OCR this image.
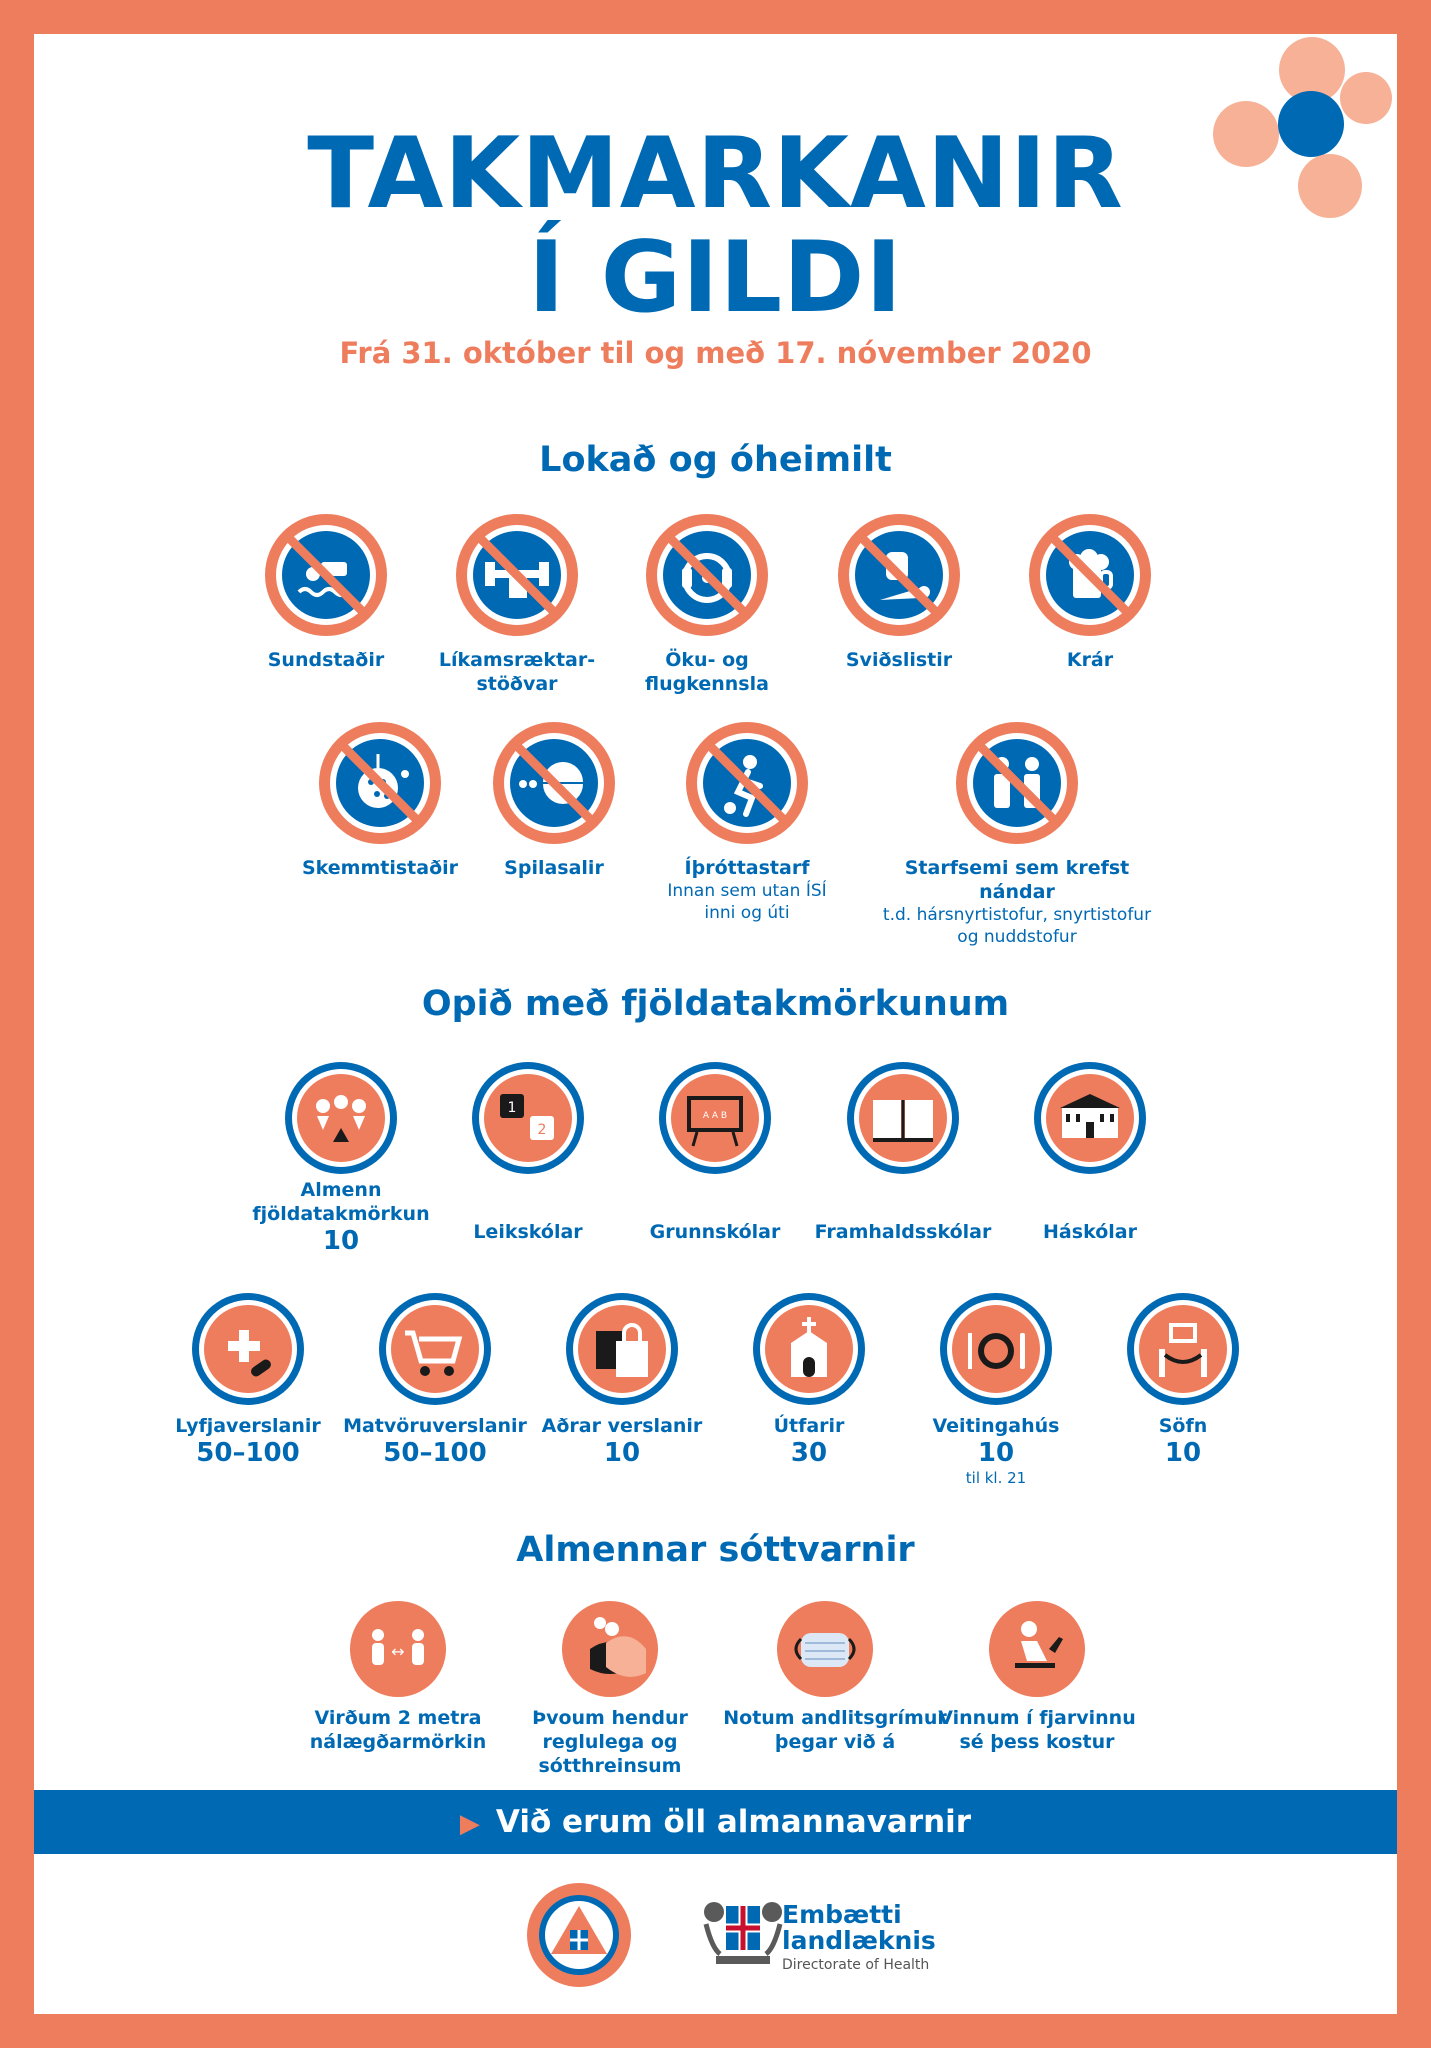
TAKMARKANIR
Í GILDI
Frá 31. október til og með 17. nóvember 2020
Lokað og óheimilt
Sundstaðir	Líkamsræktar-
stöðvar
Öku- og
flugkennsla
Sviðslistir	Krár
Skemmtistaðir	Spilasalir	Íþróttastarf
Innan sem utan ÍSÍ
inni og úti
Starfsemi sem krefst nándar
t.d. hársnyrtistofur, snyrtistofur
og nuddstofur
Opið með fjöldatakmörkunum
1
2
A A B
Almenn
fjöldatakmörkun
10	Leikskólar	Grunnskólar	Framhaldsskólar	Háskólar
Lyfjaverslanir
50–100
Matvöruverslanir
50–100
Aðrar verslanir
10
Útfarir
30
Veitingahús
10
til kl. 21
Söfn
10
Almennar sóttvarnir
↔
Virðum 2 metra
nálægðarmörkin
Þvoum hendur
reglulega og
sótthreinsum
Notum andlitsgrímur
þegar við á
Vinnum í fjarvinnu
sé þess kostur
▶ Við erum öll almannavarnir
Embætti
landlæknis
Directorate of Health
